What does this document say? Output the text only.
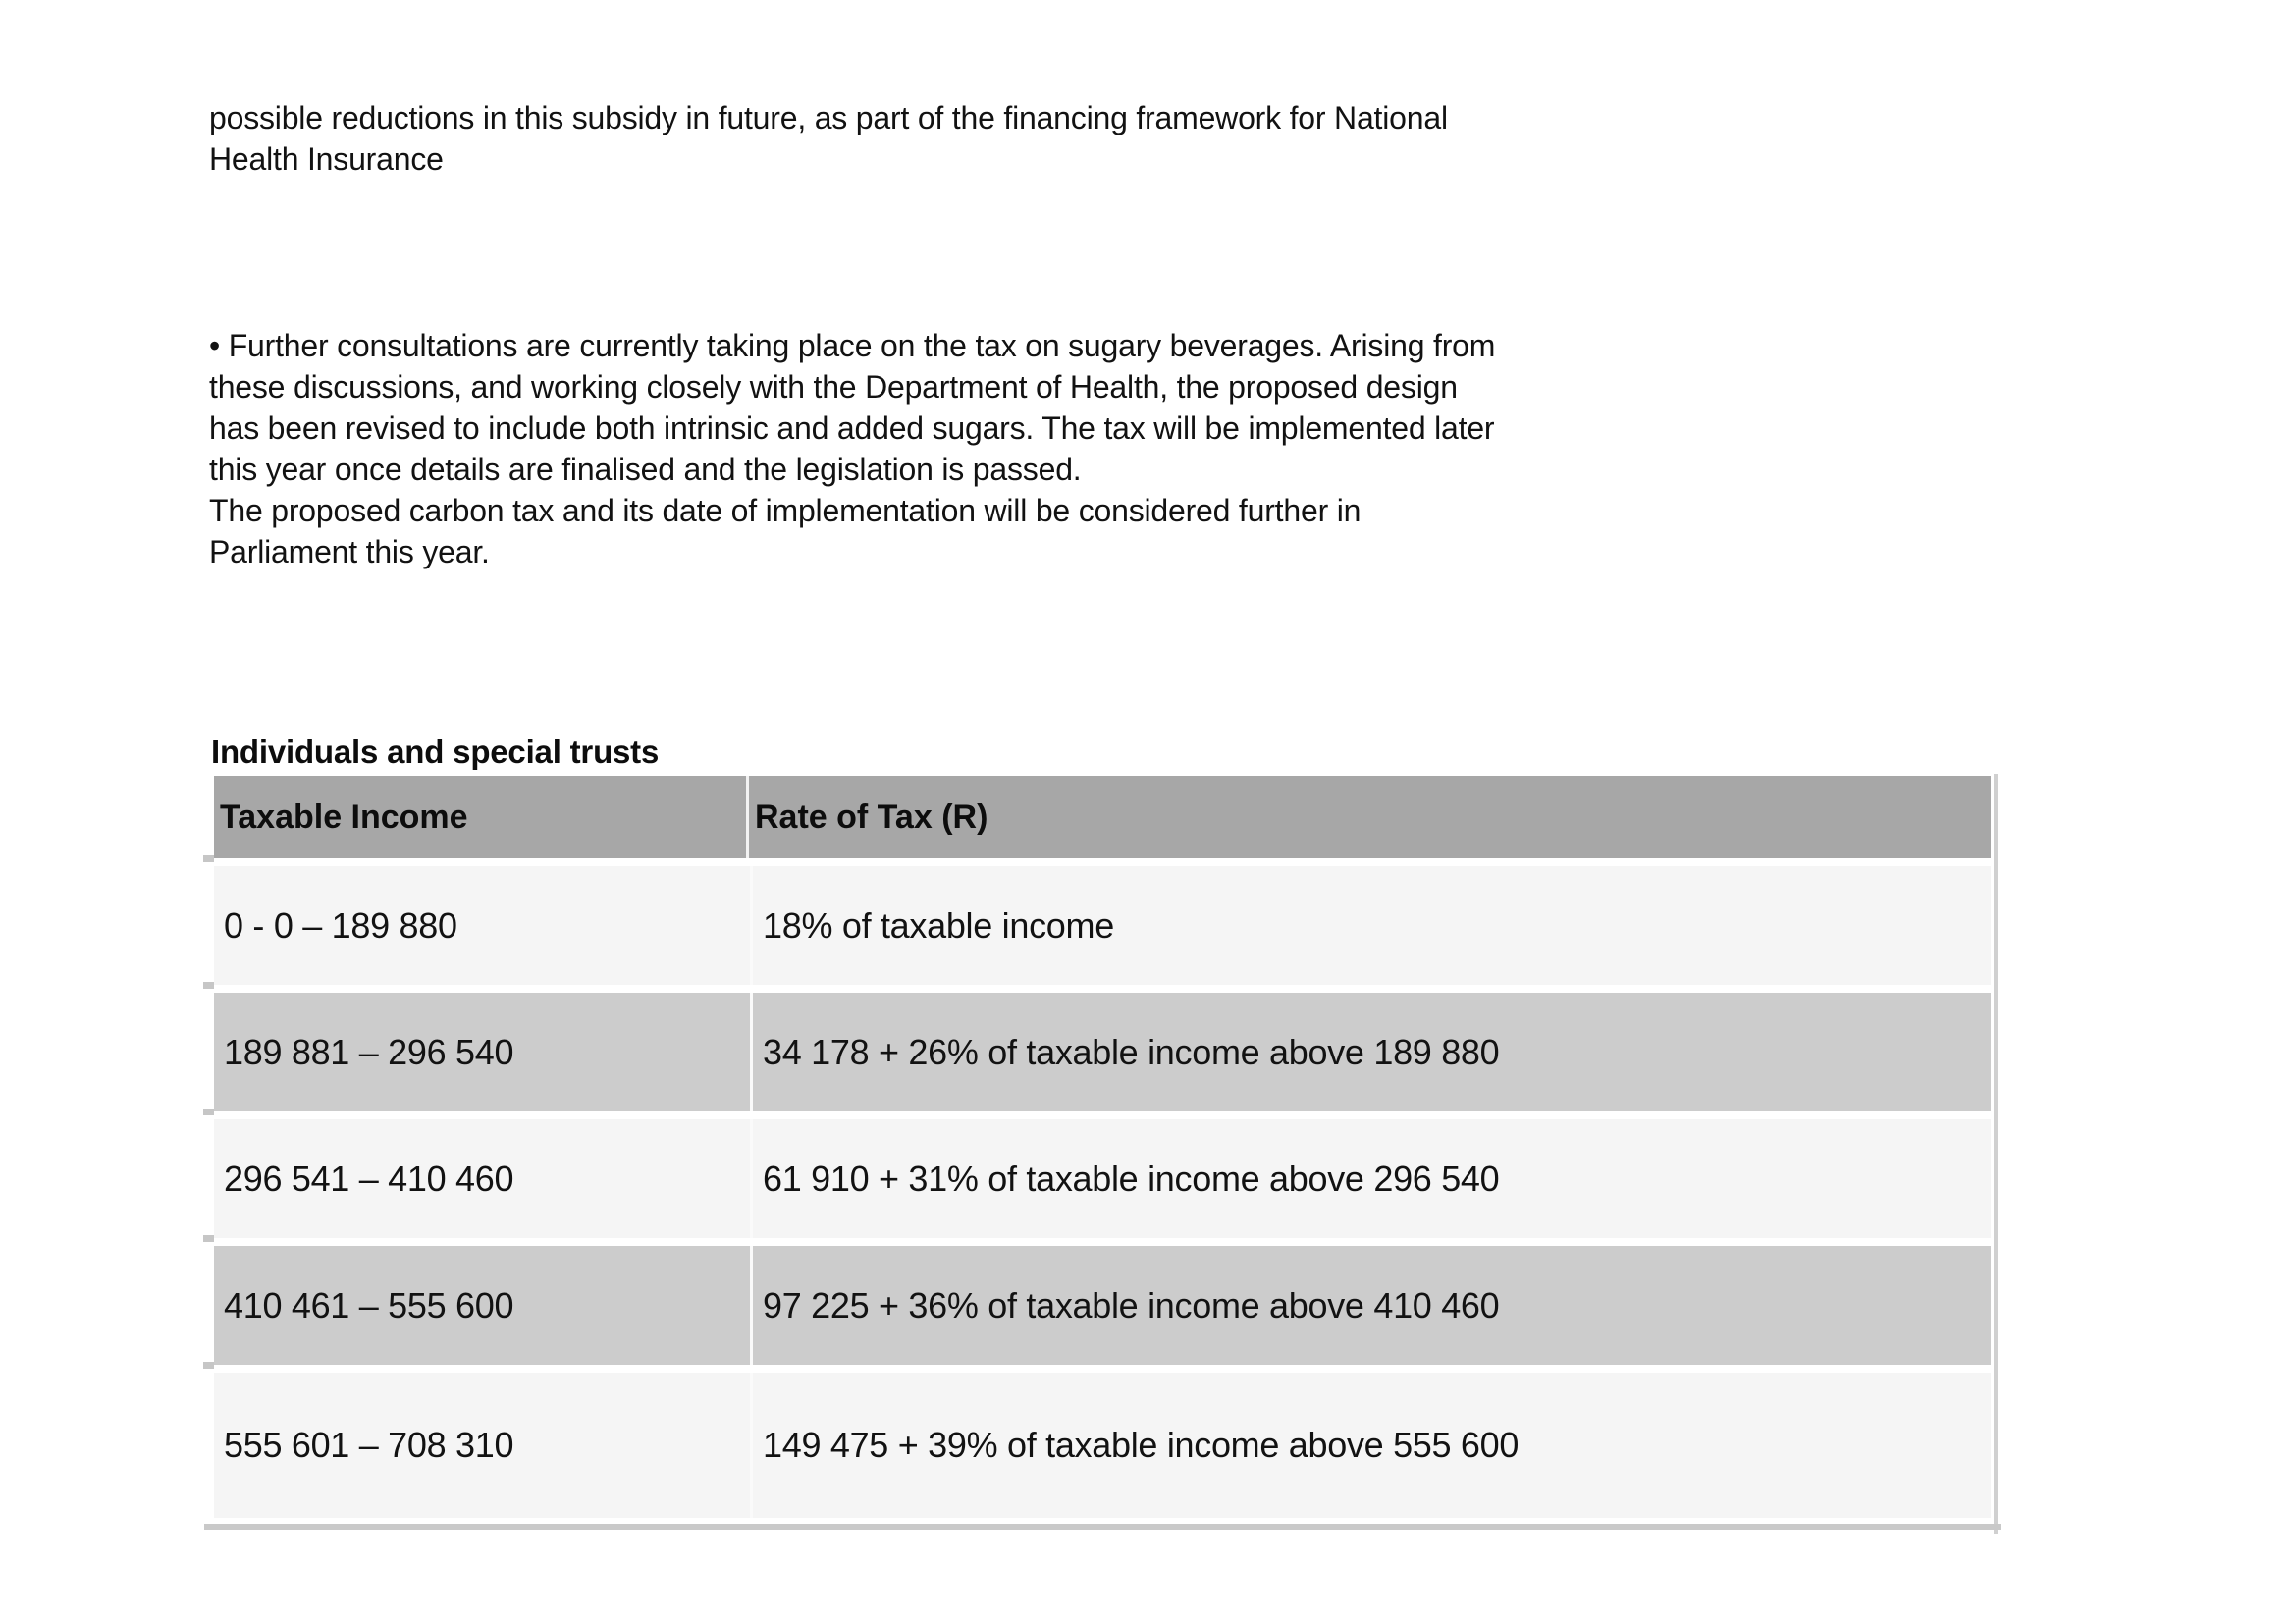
possible reductions in this subsidy in future, as part of the financing framework for National
Health Insurance
• Further consultations are currently taking place on the tax on sugary beverages. Arising from
these discussions, and working closely with the Department of Health, the proposed design
has been revised to include both intrinsic and added sugars. The tax will be implemented later
this year once details are finalised and the legislation is passed.
The proposed carbon tax and its date of implementation will be considered further in
Parliament this year.
Individuals and special trusts
Taxable Income	Rate of Tax (R)
0 - 0 – 189 880	18% of taxable income
189 881 – 296 540	34 178 + 26% of taxable income above 189 880
296 541 – 410 460	61 910 + 31% of taxable income above 296 540
410 461 – 555 600	97 225 + 36% of taxable income above 410 460
555 601 – 708 310	149 475 + 39% of taxable income above 555 600
